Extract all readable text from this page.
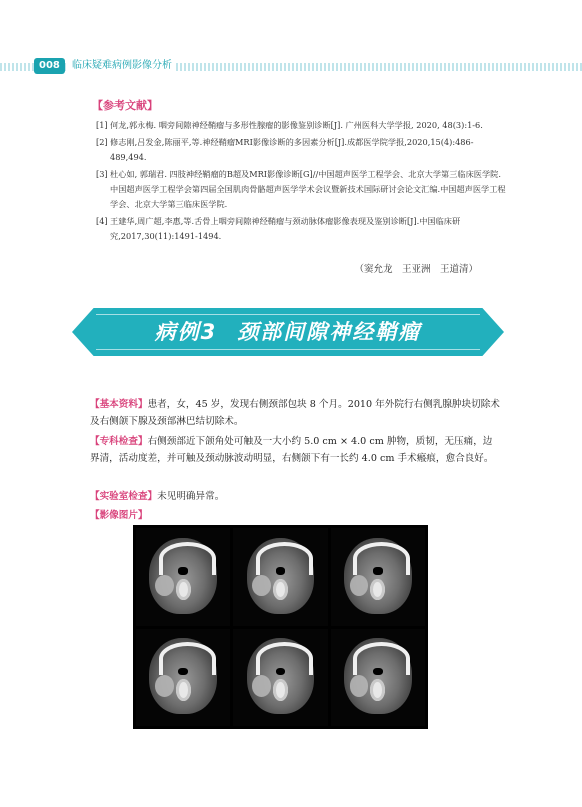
008	临床疑难病例影像分析
【参考文献】
[1] 何龙,郭永梅. 咽旁间隙神经鞘瘤与多形性腺瘤的影像鉴别诊断[J]. 广州医科大学学报, 2020, 48(3):1-6.
[2] 修志刚,吕发金,陈丽平,等.神经鞘瘤MRI影像诊断的多因素分析[J].成都医学院学报,2020,15(4):486-489,494.
[3] 杜心如, 郭瑞君. 四肢神经鞘瘤的B超及MRI影像诊断[G]//中国超声医学工程学会、北京大学第三临床医学院.中国超声医学工程学会第四届全国肌肉骨骼超声医学学术会议暨新技术国际研讨会论文汇编.中国超声医学工程学会、北京大学第三临床医学院.
[4] 王建华,周广超,李惠,等.舌骨上咽旁间隙神经鞘瘤与颈动脉体瘤影像表现及鉴别诊断[J].中国临床研究,2017,30(11):1491-1494.
（窦允龙　王亚洲　王道清）
病例3 颈部间隙神经鞘瘤
【基本资料】患者，女，45 岁，发现右侧颈部包块 8 个月。2010 年外院行右侧乳腺肿块切除术及右侧颌下腺及颈部淋巴结切除术。
【专科检查】右侧颈部近下颌角处可触及一大小约 5.0 cm × 4.0 cm 肿物，质韧，无压痛，边界清，活动度差，并可触及颈动脉波动明显，右侧颌下有一长约 4.0 cm 手术瘢痕，愈合良好。
【实验室检查】未见明确异常。
【影像图片】
